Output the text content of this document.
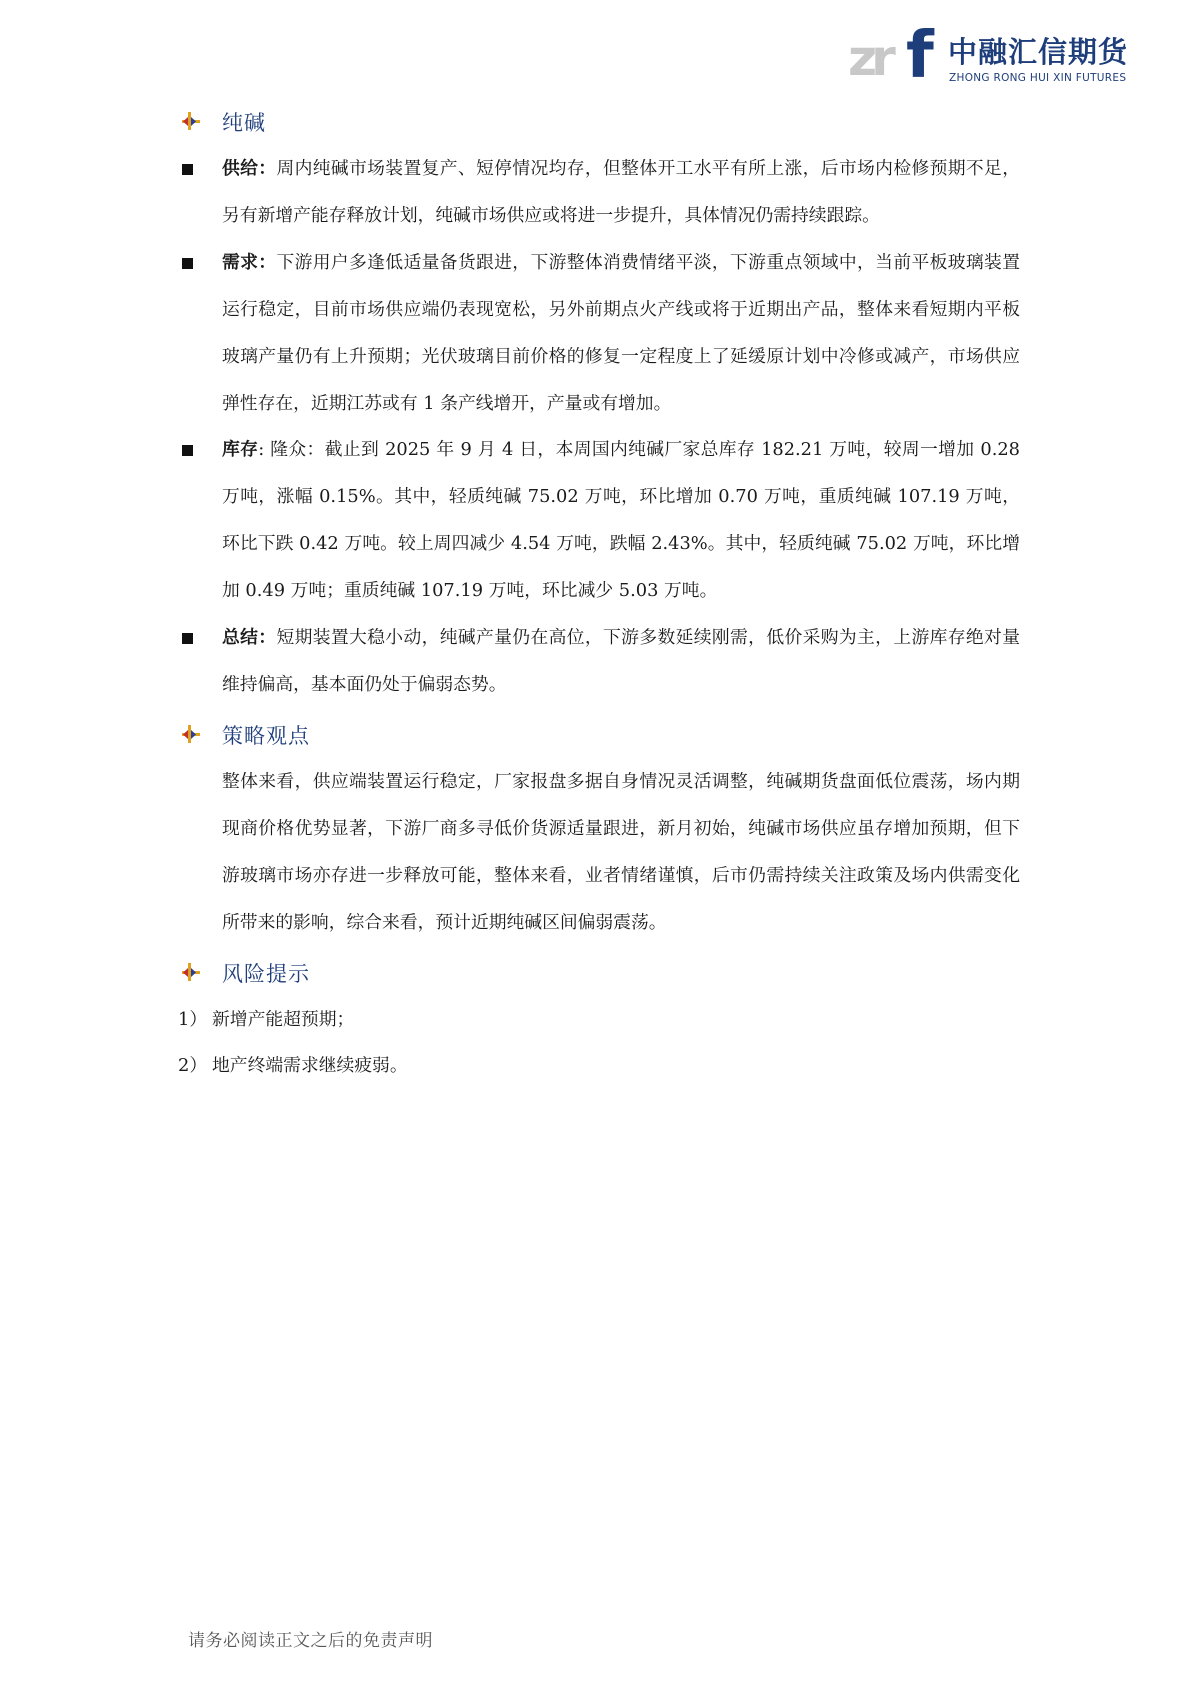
zr f 中融汇信期货
ZHONG RONG HUI XIN FUTURES
纯碱
供给：周内纯碱市场装置复产、短停情况均存，但整体开工水平有所上涨，后市场内检修预期不足，另有新增产能存释放计划，纯碱市场供应或将进一步提升，具体情况仍需持续跟踪。
需求：下游用户多逢低适量备货跟进，下游整体消费情绪平淡，下游重点领域中，当前平板玻璃装置运行稳定，目前市场供应端仍表现宽松，另外前期点火产线或将于近期出产品，整体来看短期内平板玻璃产量仍有上升预期；光伏玻璃目前价格的修复一定程度上了延缓原计划中冷修或减产，市场供应弹性存在，近期江苏或有 1 条产线增开，产量或有增加。
库存: 隆众：截止到 2025 年 9 月 4 日，本周国内纯碱厂家总库存 182.21 万吨，较周一增加 0.28 万吨，涨幅 0.15%。其中，轻质纯碱 75.02 万吨，环比增加 0.70 万吨，重质纯碱 107.19 万吨，环比下跌 0.42 万吨。较上周四减少 4.54 万吨，跌幅 2.43%。其中，轻质纯碱 75.02 万吨，环比增加 0.49 万吨；重质纯碱 107.19 万吨，环比减少 5.03 万吨。
总结：短期装置大稳小动，纯碱产量仍在高位，下游多数延续刚需，低价采购为主，上游库存绝对量维持偏高，基本面仍处于偏弱态势。
策略观点
整体来看，供应端装置运行稳定，厂家报盘多据自身情况灵活调整，纯碱期货盘面低位震荡，场内期现商价格优势显著，下游厂商多寻低价货源适量跟进，新月初始，纯碱市场供应虽存增加预期，但下游玻璃市场亦存进一步释放可能，整体来看，业者情绪谨慎，后市仍需持续关注政策及场内供需变化所带来的影响，综合来看，预计近期纯碱区间偏弱震荡。
风险提示
1） 新增产能超预期；
2） 地产终端需求继续疲弱。
请务必阅读正文之后的免责声明
